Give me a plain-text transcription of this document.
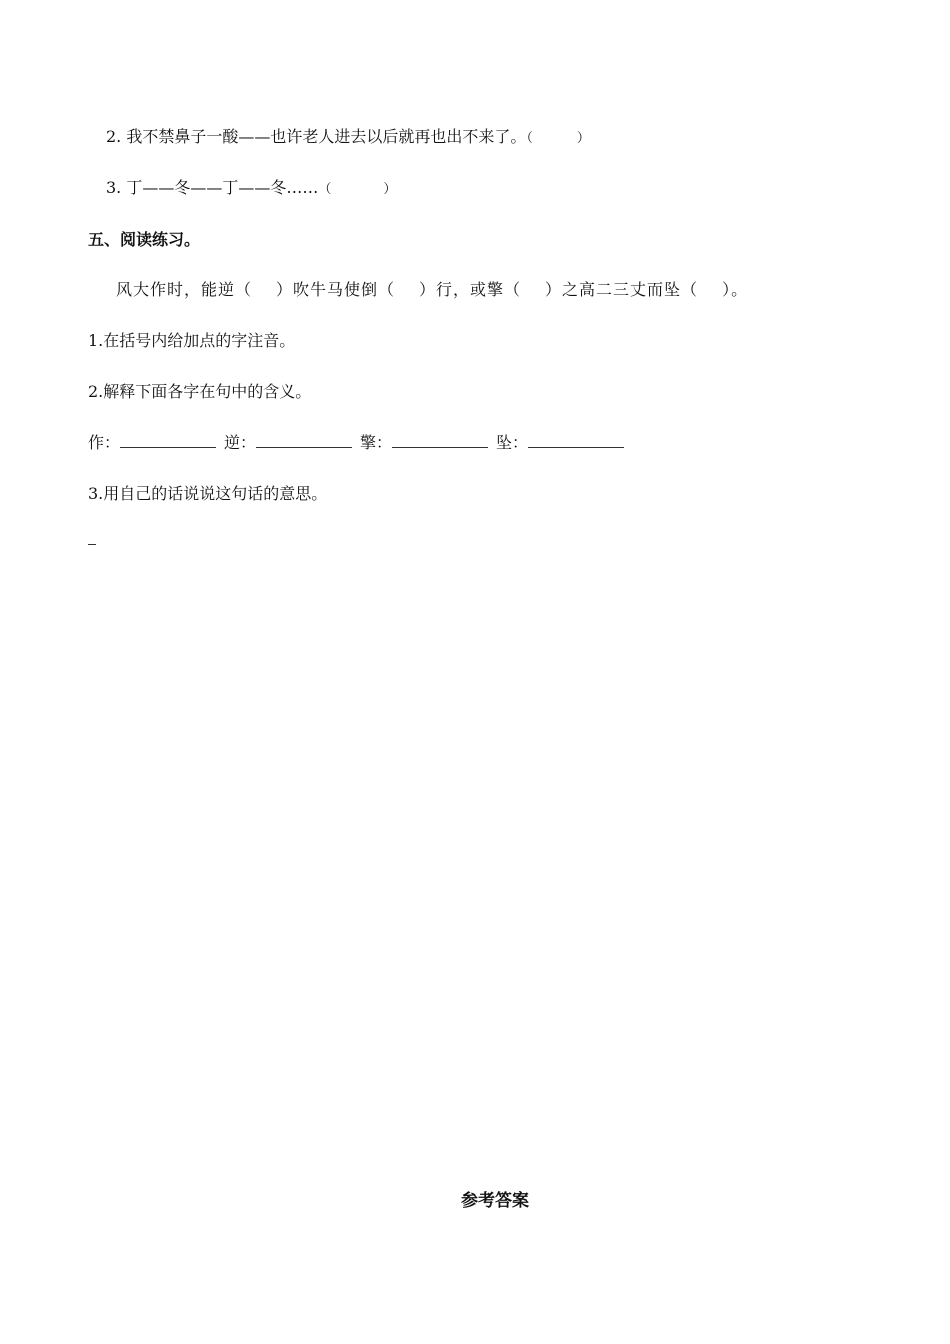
2. 我不禁鼻子一酸——也许老人进去以后就再也出不来了。（	）
3. 丁——冬——丁——冬……（	）
五、阅读练习。
风大作时，能逆（ ）吹牛马使倒（ ）行，或擎（ ）之高二三丈而坠（ ）。
1.在括号内给加点的字注音。
2.解释下面各字在句中的含义。
作：	逆：	擎：	坠：
3.用自己的话说说这句话的意思。
参考答案
